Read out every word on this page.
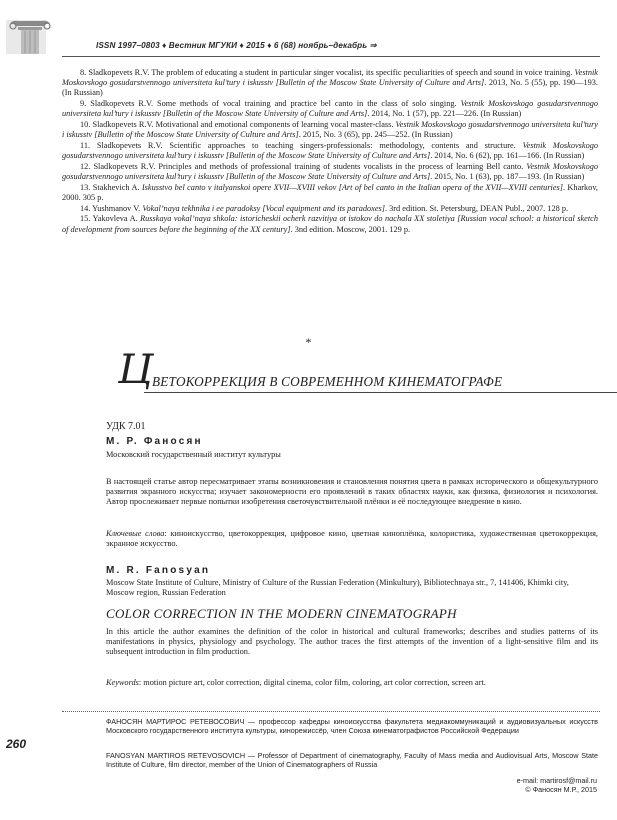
ISSN 1997–0803 ♦ Вестник МГУКИ ♦ 2015 ♦ 6 (68) ноябрь–декабрь ⇒
8. Sladkopevets R.V. The problem of educating a student in particular singer vocalist, its specific peculiarities of speech and sound in voice training. Vestnik Moskovskogo gosudarstvennogo universiteta kul’tury i iskusstv [Bulletin of the Moscow State University of Culture and Arts]. 2013, No. 5 (55), pp. 190—193. (In Russian)
9. Sladkopevets R.V. Some methods of vocal training and practice bel canto in the class of solo singing. Vestnik Moskovskogo gosudarstvennogo universiteta kul’tury i iskusstv [Bulletin of the Moscow State University of Culture and Arts]. 2014, No. 1 (57), pp. 221—226. (In Russian)
10. Sladkopevets R.V. Motivational and emotional components of learning vocal master-class. Vestnik Moskovskogo gosudarstvennogo universiteta kul’tury i iskusstv [Bulletin of the Moscow State University of Culture and Arts]. 2015, No. 3 (65), pp. 245—252. (In Russian)
11. Sladkopevets R.V. Scientific approaches to teaching singers-professionals: methodology, contents and structure. Vestnik Moskovskogo gosudarstvennogo universiteta kul’tury i iskusstv [Bulletin of the Moscow State University of Culture and Arts]. 2014, No. 6 (62), pp. 161—166. (In Russian)
12. Sladkopevets R.V. Principles and methods of professional training of students vocalists in the process of learning Bell canto. Vestnik Moskovskogo gosudarstvennogo universiteta kul’tury i iskusstv [Bulletin of the Moscow State University of Culture and Arts]. 2015, No. 1 (63), pp. 187—193. (In Russian)
13. Stakhevich A. Iskusstvo bel canto v italyanskoi opere XVII—XVIII vekov [Art of bel canto in the Italian opera of the XVII—XVIII centuries]. Kharkov, 2000. 305 p.
14. Yushmanov V. Vokal’naya tekhnika i ee paradoksy [Vocal equipment and its paradoxes]. 3rd edition. St. Petersburg, DEAN Publ., 2007. 128 p.
15. Yakovleva A. Russkaya vokal’naya shkola: istoricheskii ocherk razvitiya ot istokov do nachala XX stoletiya [Russian vocal school: a historical sketch of development from sources before the beginning of the XX century]. 3nd edition. Moscow, 2001. 129 p.
*
Ц ВЕТОКОРРЕКЦИЯ В СОВРЕМЕННОМ КИНЕМАТОГРАФЕ
УДК 7.01
М. Р. Фаносян
Московский государственный институт культуры
В настоящей статье автор пересматривает этапы возникновения и становления понятия цвета в рамках исторического и общекультурного развития экранного искусства; изучает закономерности его проявлений в таких областях науки, как физика, физиология и психология. Автор прослеживает первые попытки изобретения светочувствительной плёнки и её последующее внедрение в кино.
Ключевые слова: киноискусство, цветокоррекция, цифровое кино, цветная киноплёнка, колористика, художественная цветокоррекция, экранное искусство.
M. R. Fanosyan
Moscow State Institute of Culture, Ministry of Culture of the Russian Federation (Minkultury), Bibliotechnaya str., 7, 141406, Khimki city, Moscow region, Russian Federation
COLOR CORRECTION IN THE MODERN CINEMATOGRAPH
In this article the author examines the definition of the color in historical and cultural frameworks; describes and studies patterns of its manifestations in physics, physiology and psychology. The author traces the first attempts of the invention of a light-sensitive film and its subsequent introduction in film production.
Keywords: motion picture art, color correction, digital cinema, color film, coloring, art color correction, screen art.
260
ФАНОСЯН МАРТИРОС РЕТЕВОСОВИЧ — профессор кафедры киноискусства факультета медиакоммуникаций и аудиовизуальных искусств Московского государственного института культуры, кинорежиссёр, член Союза кинематографистов Российской Федерации
FANOSYAN MARTIROS RETEVOSOVICH — Professor of Department of cinematography, Faculty of Mass media and Audiovisual Arts, Moscow State Institute of Culture, film director, member of the Union of Cinematographers of Russia
e-mail: martirosf@mail.ru
© Фаносян М.Р., 2015
